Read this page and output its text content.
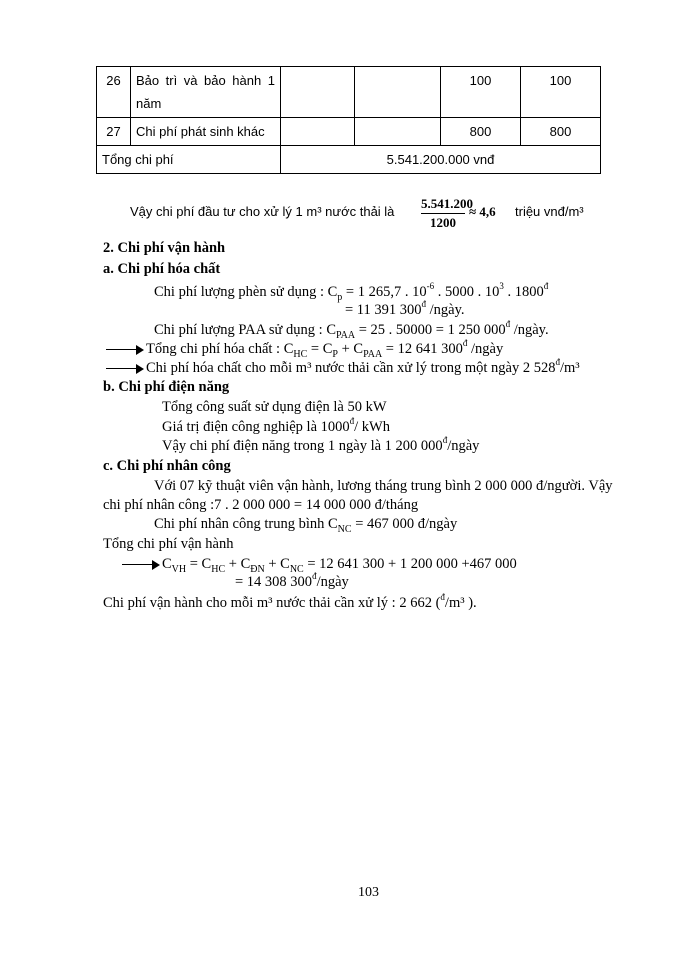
26	Bảo trì và bảo hành 1 năm			100	100
27	Chi phí phát sinh khác			800	800
Tổng chi phí		5.541.200.000 vnđ			
Vậy chi phí đầu tư cho xử lý 1 m³ nước thải là
5.541.200
1200
≈ 4,6 triệu vnđ/m³
2. Chi phí vận hành
a. Chi phí hóa chất
Chi phí lượng phèn sử dụng : $C_p = 1$ 265,7 . $10^{-6}$ . 5000 . $10^3$ . $1800^đ$
= 11 391 $300^đ$ /ngày.
Chi phí lượng PAA sử dụng : $C_{PAA} = 25$ . 50000 = 1 250 $000^đ$ /ngày.
Tổng chi phí hóa chất : $C_{HC} = C_P + C_{PAA} = 12$ 641 $300^đ$ /ngày
Chi phí hóa chất cho mỗi m³ nước thải cần xử lý trong một ngày 2 $528^đ/m^3$
b. Chi phí điện năng
Tổng công suất sử dụng điện là 50 kW
Giá trị điện công nghiệp là $1000^đ/$ kWh
Vậy chi phí điện năng trong 1 ngày là 1 200 $000^đ$/ngày
c. Chi phí nhân công
Với 07 kỹ thuật viên vận hành, lương tháng trung bình 2 000 000 đ/người. Vậy
chi phí nhân công :7 . 2 000 000 = 14 000 000 đ/tháng
Chi phí nhân công trung bình $C_{NC} = 467$ 000 đ/ngày
Tổng chi phí vận hành
$C_{VH} = C_{HC} + C_{ĐN} + C_{NC} = 12$ 641 300 + 1 200 000 +467 000
= 14 308 $300^đ$/ngày
Chi phí vận hành cho mỗi m³ nước thải cần xử lý : 2 662 ($^đ$/m³ ).
103
